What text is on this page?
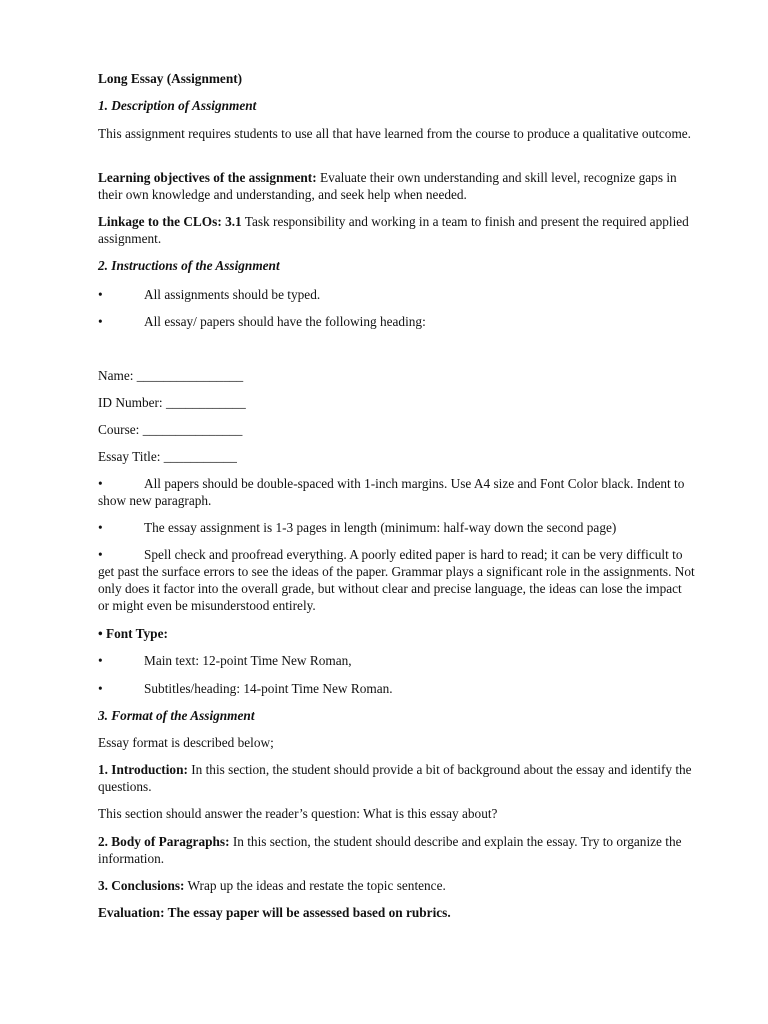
Long Essay (Assignment)

1. Description of Assignment

This assignment requires students to use all that have learned from the course to produce a qualitative outcome.

Learning objectives of the assignment: Evaluate their own understanding and skill level, recognize gaps in their own knowledge and understanding, and seek help when needed.

Linkage to the CLOs: 3.1 Task responsibility and working in a team to finish and present the required applied assignment.

2. Instructions of the Assignment

•	All assignments should be typed.

•	All essay/ papers should have the following heading:

Name: ________________

ID Number: ____________

Course: _______________

Essay Title: ___________

•	All papers should be double-spaced with 1-inch margins. Use A4 size and Font Color black. Indent to show new paragraph.

•	The essay assignment is 1-3 pages in length (minimum: half-way down the second page)

•	Spell check and proofread everything. A poorly edited paper is hard to read; it can be very difficult to get past the surface errors to see the ideas of the paper. Grammar plays a significant role in the assignments. Not only does it factor into the overall grade, but without clear and precise language, the ideas can lose the impact or might even be misunderstood entirely.

• Font Type:

•	Main text: 12-point Time New Roman,

•	Subtitles/heading: 14-point Time New Roman.

3. Format of the Assignment

Essay format is described below;

1. Introduction: In this section, the student should provide a bit of background about the essay and identify the questions.

This section should answer the reader’s question: What is this essay about?

2. Body of Paragraphs: In this section, the student should describe and explain the essay. Try to organize the information.

3. Conclusions: Wrap up the ideas and restate the topic sentence.

Evaluation: The essay paper will be assessed based on rubrics.
